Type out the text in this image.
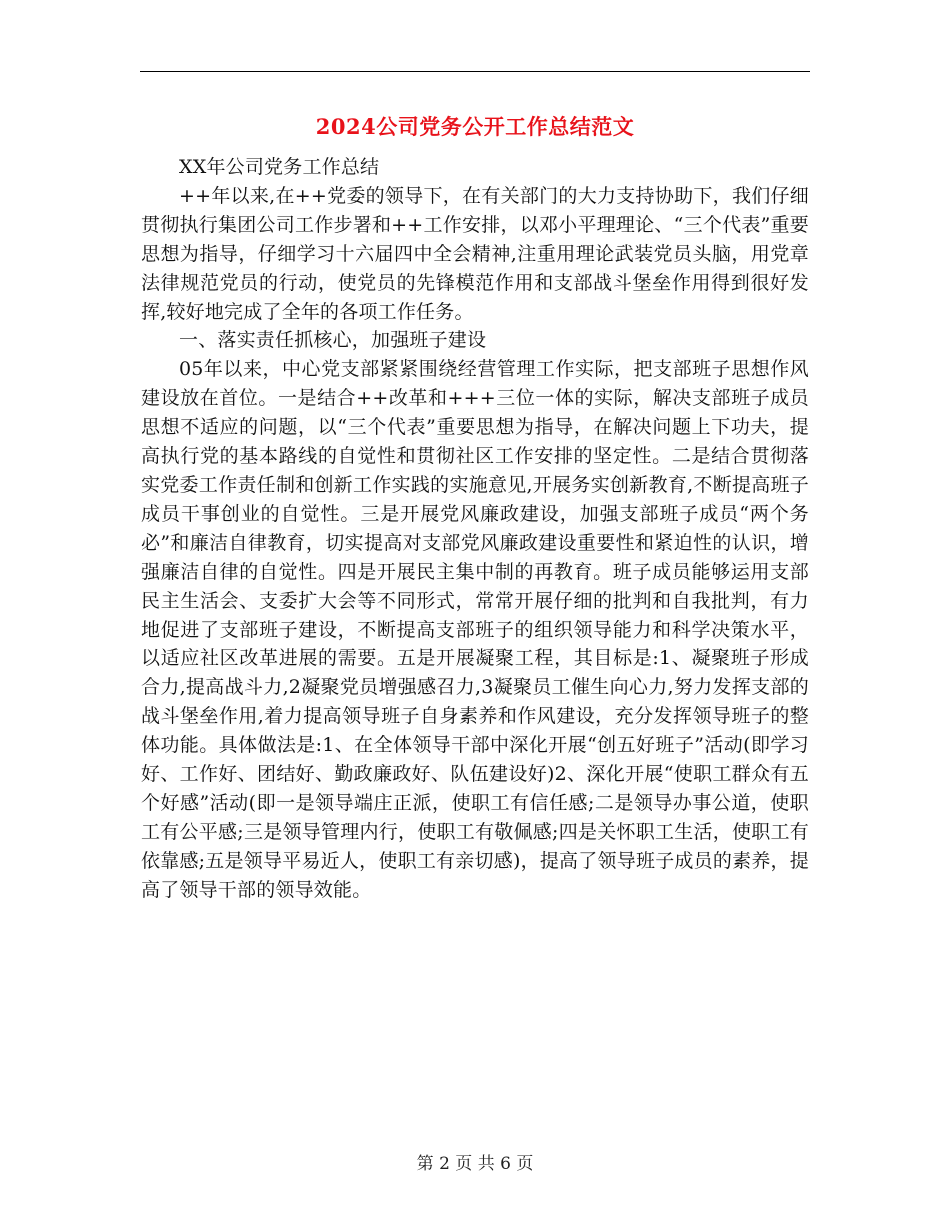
2024公司党务公开工作总结范文

XX年公司党务工作总结

++年以来,在++党委的领导下，在有关部门的大力支持协助下，我们仔细贯彻执行集团公司工作步署和++工作安排，以邓小平理理论、“三个代表”重要思想为指导，仔细学习十六届四中全会精神,注重用理论武装党员头脑，用党章法律规范党员的行动，使党员的先锋模范作用和支部战斗堡垒作用得到很好发挥,较好地完成了全年的各项工作任务。

一、落实责任抓核心，加强班子建设

05年以来，中心党支部紧紧围绕经营管理工作实际，把支部班子思想作风建设放在首位。一是结合++改革和+++三位一体的实际，解决支部班子成员思想不适应的问题，以“三个代表”重要思想为指导，在解决问题上下功夫，提高执行党的基本路线的自觉性和贯彻社区工作安排的坚定性。二是结合贯彻落实党委工作责任制和创新工作实践的实施意见,开展务实创新教育,不断提高班子成员干事创业的自觉性。三是开展党风廉政建设，加强支部班子成员“两个务必”和廉洁自律教育，切实提高对支部党风廉政建设重要性和紧迫性的认识，增强廉洁自律的自觉性。四是开展民主集中制的再教育。班子成员能够运用支部民主生活会、支委扩大会等不同形式，常常开展仔细的批判和自我批判，有力地促进了支部班子建设，不断提高支部班子的组织领导能力和科学决策水平，以适应社区改革进展的需要。五是开展凝聚工程，其目标是:1、凝聚班子形成合力,提高战斗力,2凝聚党员增强感召力,3凝聚员工催生向心力,努力发挥支部的战斗堡垒作用,着力提高领导班子自身素养和作风建设，充分发挥领导班子的整体功能。具体做法是:1、在全体领导干部中深化开展“创五好班子”活动(即学习好、工作好、团结好、勤政廉政好、队伍建设好)2、深化开展“使职工群众有五个好感”活动(即一是领导端庄正派，使职工有信任感;二是领导办事公道，使职工有公平感;三是领导管理内行，使职工有敬佩感;四是关怀职工生活，使职工有依靠感;五是领导平易近人，使职工有亲切感)，提高了领导班子成员的素养，提高了领导干部的领导效能。

第 2 页 共 6 页
